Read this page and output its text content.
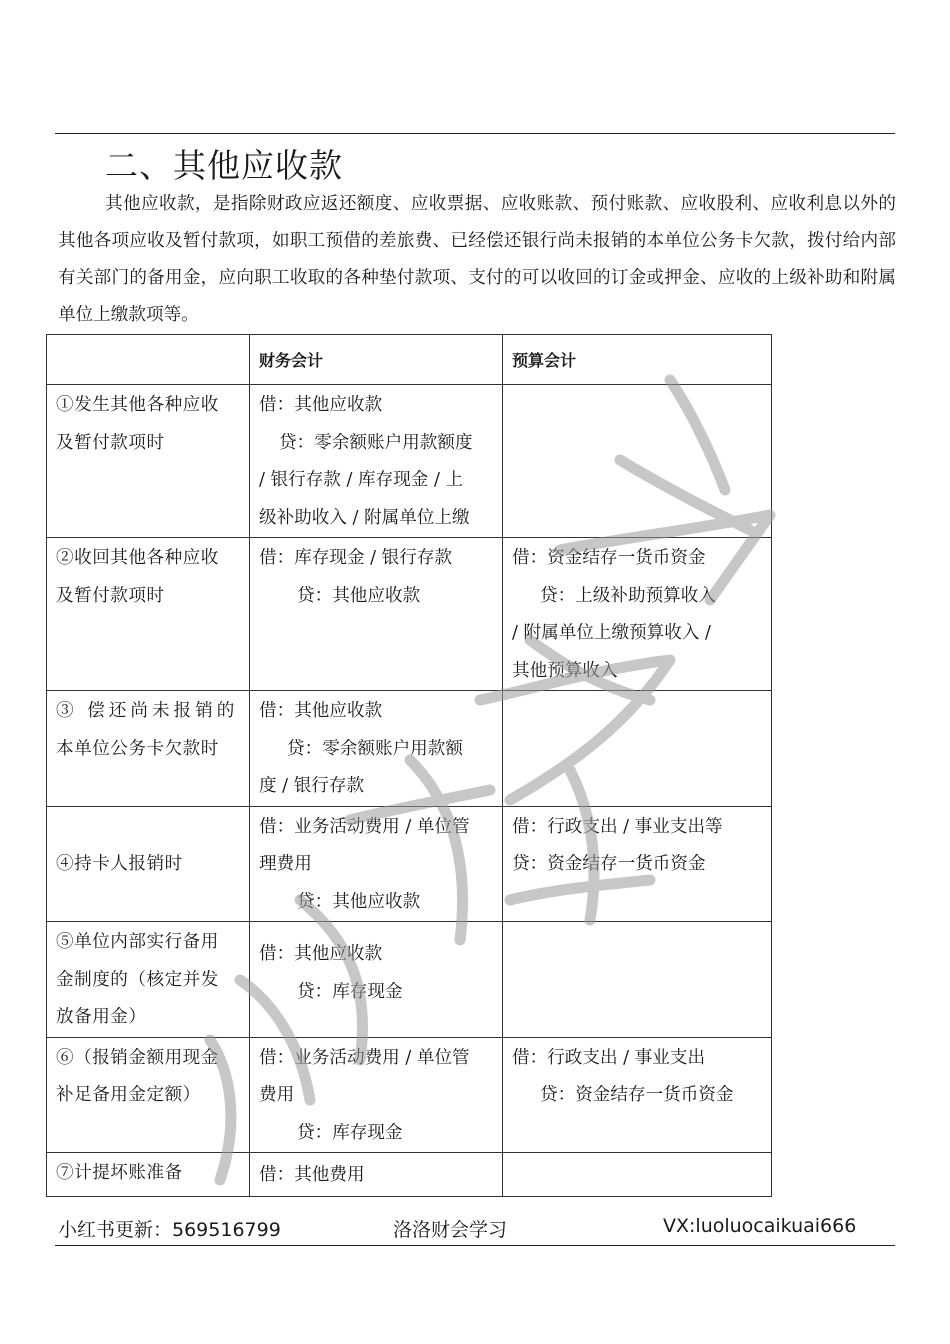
二、其他应收款

其他应收款，是指除财政应返还额度、应收票据、应收账款、预付账款、应收股利、应收利息以外的其他各项应收及暂付款项，如职工预借的差旅费、已经偿还银行尚未报销的本单位公务卡欠款，拨付给内部有关部门的备用金，应向职工收取的各种垫付款项、支付的可以收回的订金或押金、应收的上级补助和附属单位上缴款项等。

	财务会计	预算会计

①发生其他各种应收
及暂付款项时	借：其他应收款
贷：零余额账户用款额度
/ 银行存款 / 库存现金 / 上
级补助收入 / 附属单位上缴	

②收回其他各种应收
及暂付款项时	借：库存现金 / 银行存款
贷：其他应收款	借：资金结存一货币资金
贷：上级补助预算收入
/ 附属单位上缴预算收入 /
其他预算收入

③ 偿还尚未报销的
本单位公务卡欠款时	借：其他应收款
贷：零余额账户用款额
度 / 银行存款	

④持卡人报销时	借：业务活动费用 / 单位管
理费用
贷：其他应收款	借：行政支出 / 事业支出等
贷：资金结存一货币资金

⑤单位内部实行备用
金制度的（核定并发
放备用金）	借：其他应收款
贷：库存现金	

⑥（报销金额用现金
补足备用金定额）	借：业务活动费用 / 单位管
费用
贷：库存现金	借：行政支出 / 事业支出
贷：资金结存一货币资金

⑦计提坏账准备	借：其他费用	

小红书更新：569516799	洛洛财会学习	VX:luoluocaikuai666
